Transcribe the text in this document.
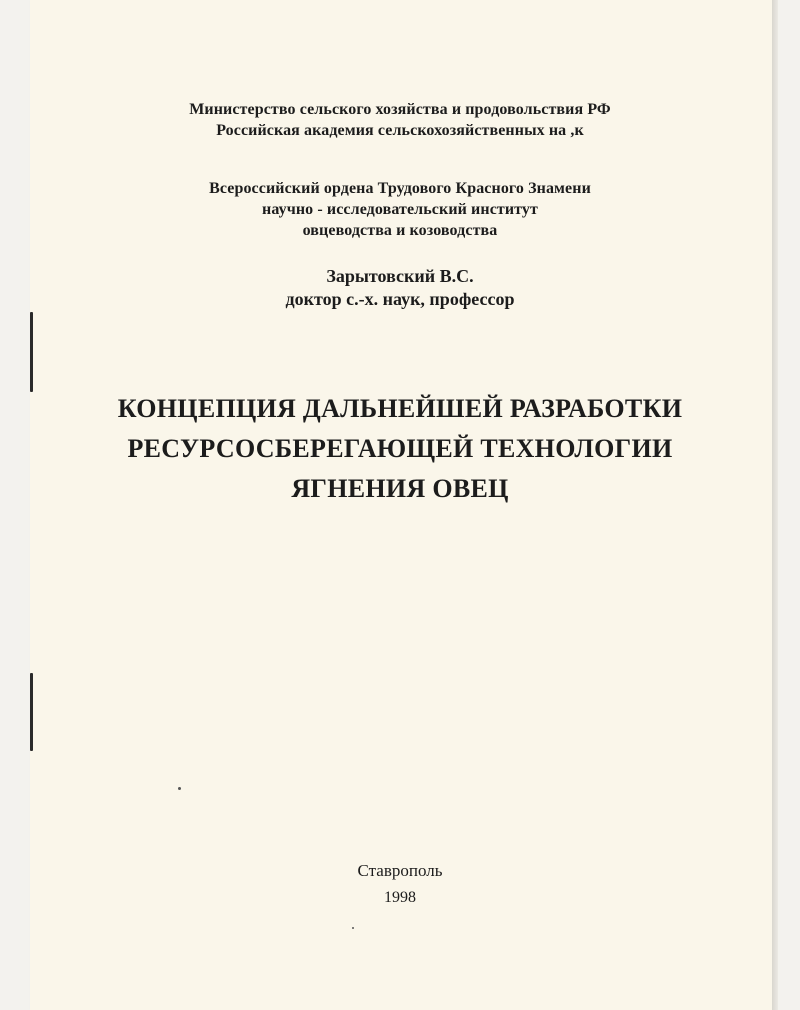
Министерство сельского хозяйства и продовольствия РФ
Российская академия сельскохозяйственных на ,к
Всероссийский ордена Трудового Красного Знамени
научно - исследовательский институт
овцеводства и козоводства
Зарытовский В.С.
доктор с.-х. наук, профессор
КОНЦЕПЦИЯ ДАЛЬНЕЙШЕЙ РАЗРАБОТКИ
РЕСУРСОСБЕРЕГАЮЩЕЙ ТЕХНОЛОГИИ
ЯГНЕНИЯ ОВЕЦ
Ставрополь
1998
